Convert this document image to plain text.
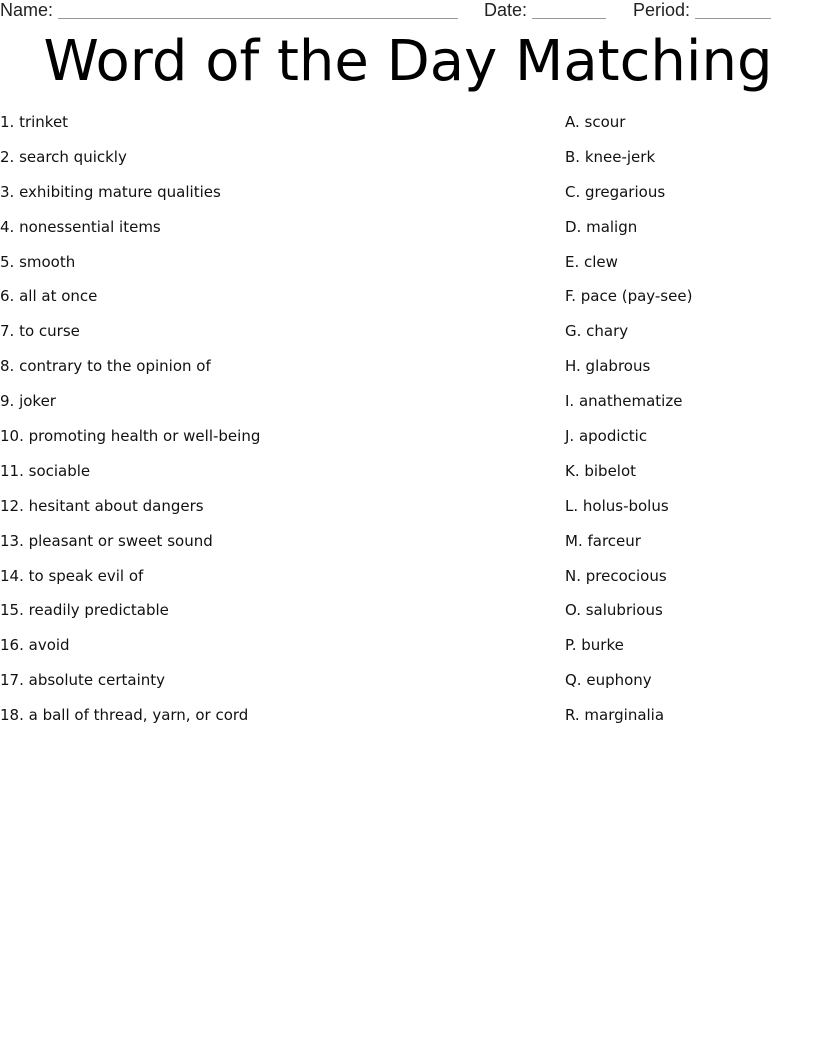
Name:	Date:	Period:
Word of the Day Matching
1. trinket
2. search quickly
3. exhibiting mature qualities
4. nonessential items
5. smooth
6. all at once
7. to curse
8. contrary to the opinion of
9. joker
10. promoting health or well-being
11. sociable
12. hesitant about dangers
13. pleasant or sweet sound
14. to speak evil of
15. readily predictable
16. avoid
17. absolute certainty
18. a ball of thread, yarn, or cord
A. scour
B. knee-jerk
C. gregarious
D. malign
E. clew
F. pace (pay-see)
G. chary
H. glabrous
I. anathematize
J. apodictic
K. bibelot
L. holus-bolus
M. farceur
N. precocious
O. salubrious
P. burke
Q. euphony
R. marginalia
